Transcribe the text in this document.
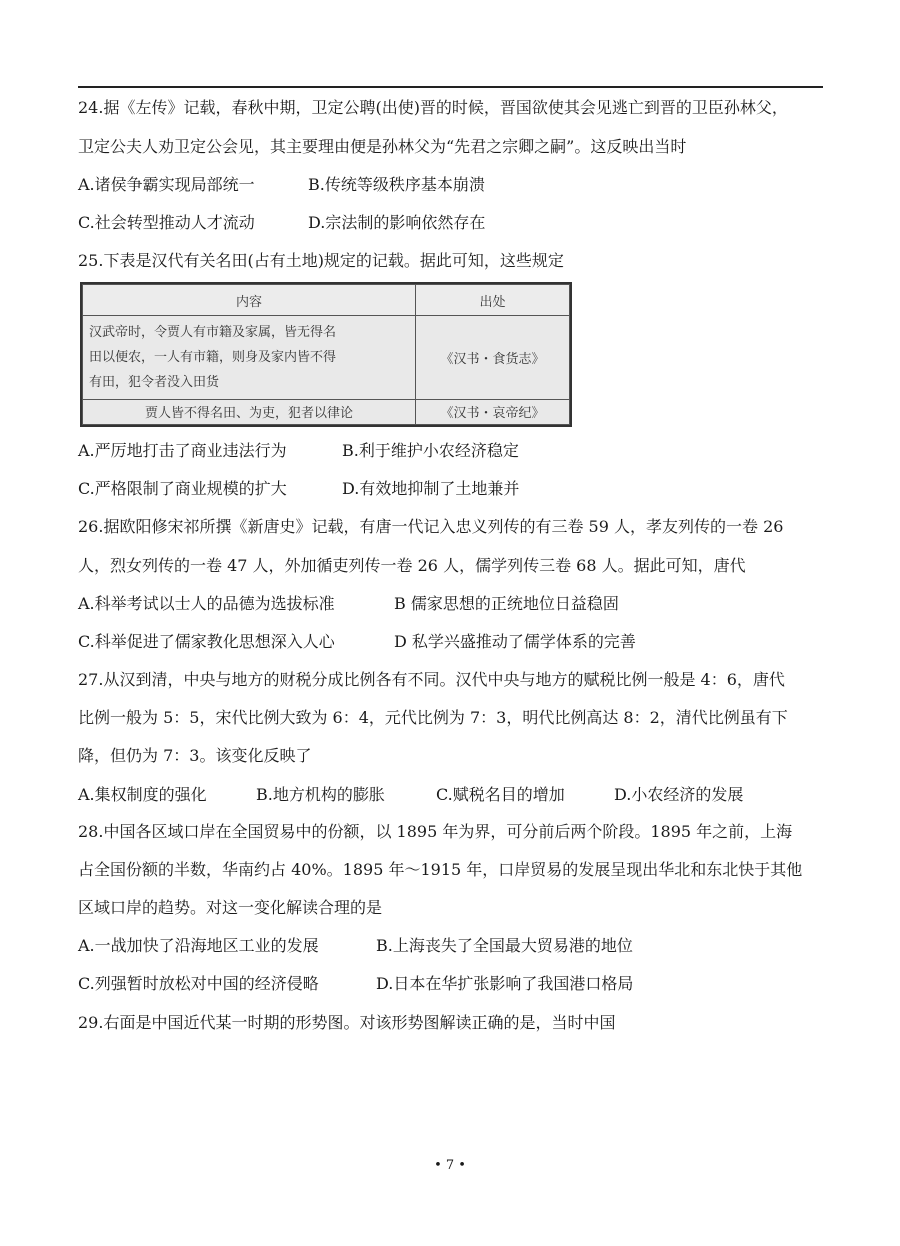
24.据《左传》记载，春秋中期，卫定公聘(出使)晋的时候，晋国欲使其会见逃亡到晋的卫臣孙林父，
卫定公夫人劝卫定公会见，其主要理由便是孙林父为“先君之宗卿之嗣”。这反映出当时
A.诸侯争霸实现局部统一	B.传统等级秩序基本崩溃
C.社会转型推动人才流动	D.宗法制的影响依然存在
25.下表是汉代有关名田(占有土地)规定的记载。据此可知，这些规定
内容	出处

汉武帝时，令贾人有市籍及家属，皆无得名
田以便农，一人有市籍，则身及家内皆不得
有田，犯令者没入田货	《汉书・食货志》
贾人皆不得名田、为吏，犯者以律论	《汉书・哀帝纪》
A.严厉地打击了商业违法行为	B.利于维护小农经济稳定
C.严格限制了商业规模的扩大	D.有效地抑制了土地兼并
26.据欧阳修宋祁所撰《新唐史》记载，有唐一代记入忠义列传的有三卷 59 人，孝友列传的一卷 26
人，烈女列传的一卷 47 人，外加循吏列传一卷 26 人，儒学列传三卷 68 人。据此可知，唐代
A.科举考试以士人的品德为选拔标准	B 儒家思想的正统地位日益稳固
C.科举促进了儒家教化思想深入人心	D 私学兴盛推动了儒学体系的完善
27.从汉到清，中央与地方的财税分成比例各有不同。汉代中央与地方的赋税比例一般是 4：6，唐代
比例一般为 5：5，宋代比例大致为 6：4，元代比例为 7：3，明代比例高达 8：2，清代比例虽有下
降，但仍为 7：3。该变化反映了
A.集权制度的强化	B.地方机构的膨胀	C.赋税名目的增加	D.小农经济的发展
28.中国各区域口岸在全国贸易中的份额，以 1895 年为界，可分前后两个阶段。1895 年之前，上海
占全国份额的半数，华南约占 40%。1895 年～1915 年，口岸贸易的发展呈现出华北和东北快于其他
区域口岸的趋势。对这一变化解读合理的是
A.一战加快了沿海地区工业的发展	B.上海丧失了全国最大贸易港的地位
C.列强暂时放松对中国的经济侵略	D.日本在华扩张影响了我国港口格局
29.右面是中国近代某一时期的形势图。对该形势图解读正确的是，当时中国
• 7 •
